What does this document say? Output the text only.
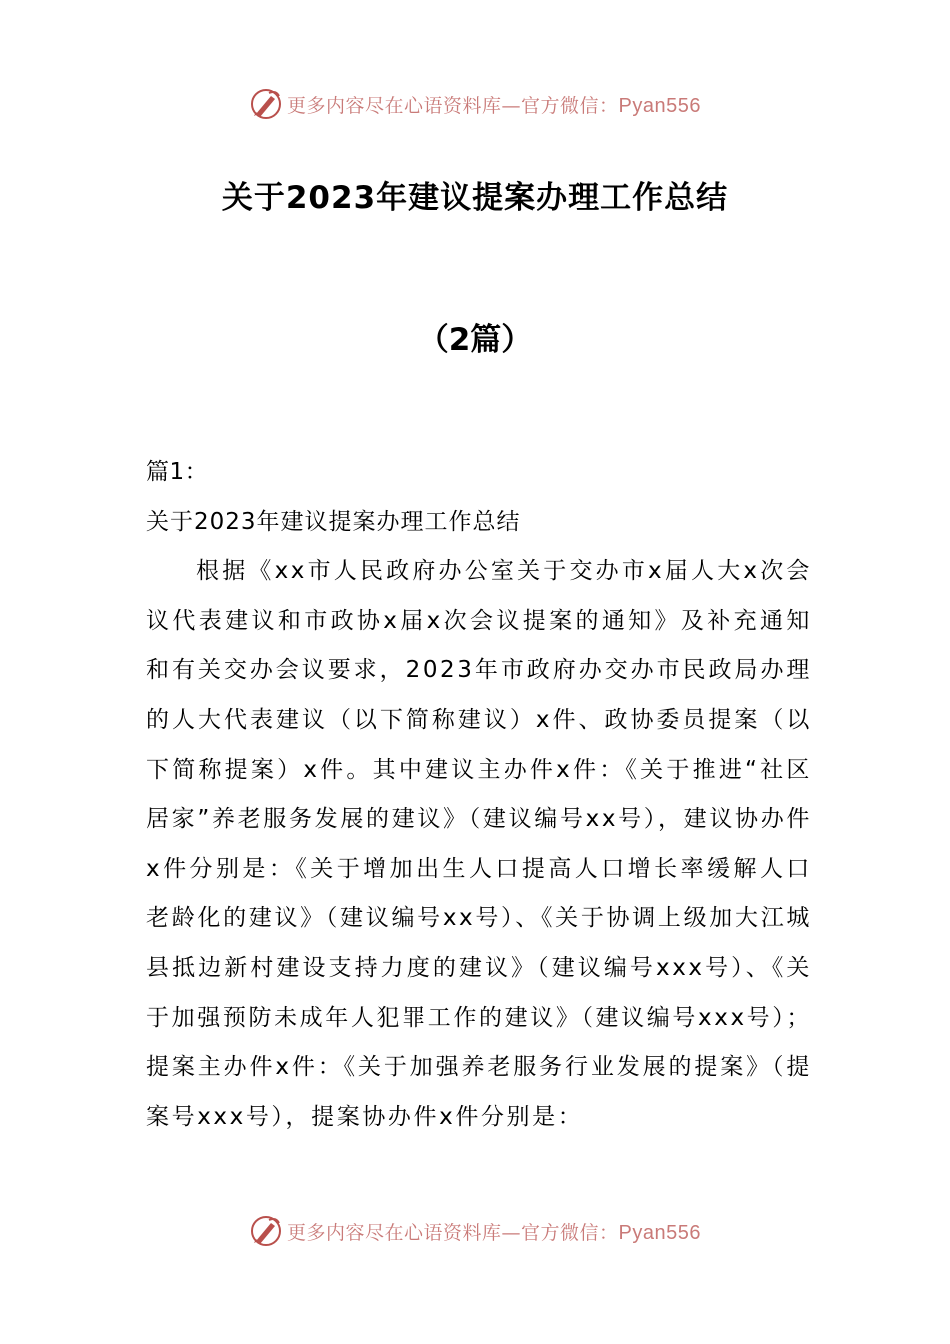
更多内容尽在心语资料库—官方微信：Pyan556
关于2023年建议提案办理工作总结
（2篇）

篇1：

关于2023年建议提案办理工作总结

根据《xx市人民政府办公室关于交办市x届人大x次会议代表建议和市政协x届x次会议提案的通知》及补充通知和有关交办会议要求，2023年市政府办交办市民政局办理的人大代表建议（以下简称建议）x件、政协委员提案（以下简称提案）x件。其中建议主办件x件：《关于推进“社区居家”养老服务发展的建议》（建议编号xx号），建议协办件x件分别是：《关于增加出生人口提高人口增长率缓解人口老龄化的建议》（建议编号xx号）、《关于协调上级加大江城县抵边新村建设支持力度的建议》（建议编号xxx号）、《关于加强预防未成年人犯罪工作的建议》（建议编号xxx号）；提案主办件x件：《关于加强养老服务行业发展的提案》（提案号xxx号），提案协办件x件分别是：

更多内容尽在心语资料库—官方微信：Pyan556
